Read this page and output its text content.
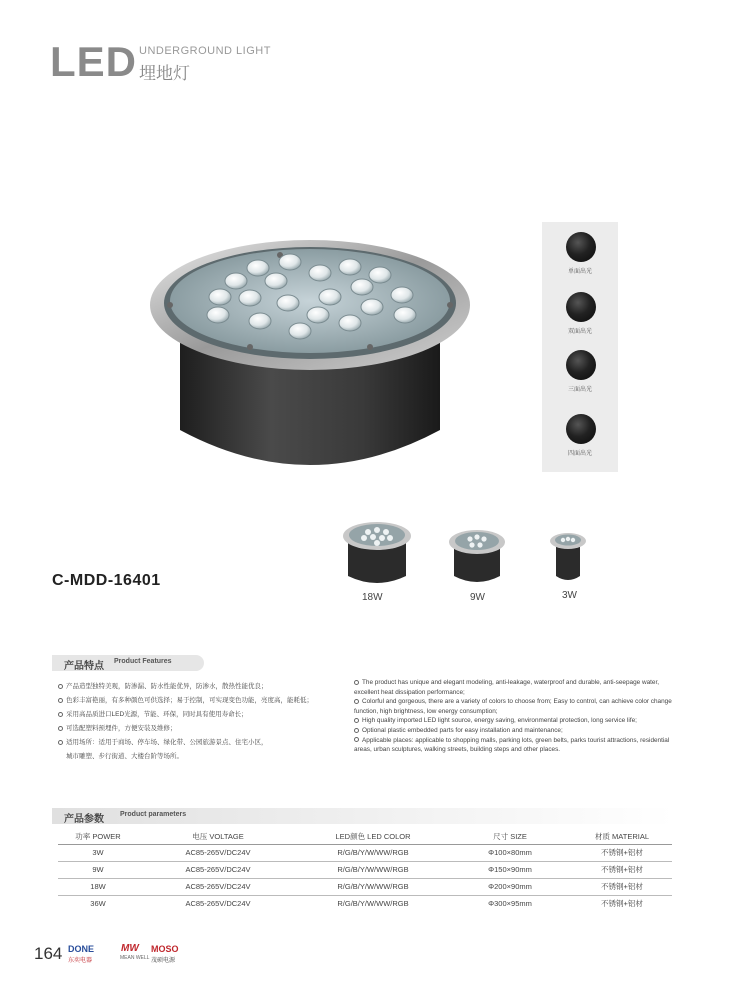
LED UNDERGROUND LIGHT
埋地灯
单面出光
双面出光
三面出光
四面出光
18W	9W	3W
C-MDD-16401
产品特点 Product Features
产品造型独特美观，防渗漏、防水性能优异，防渗水，散热性能优良；
色彩丰富艳丽，有多种颜色可供选择；易于控制，可实现变色功能，亮度高，能耗低；
采用高品质进口LED光源，节能、环保，同时具有使用寿命长；
可选配塑料预埋件，方便安装及维修；
适用场所：适用于商场、停车场、绿化带、公园旅游景点、住宅小区，
城市雕塑、步行街道、大楼台阶等场所。
The product has unique and elegant modeling, anti-leakage, waterproof and durable, anti-seepage water, excellent heat dissipation performance;
Colorful and gorgeous, there are a variety of colors to choose from; Easy to control, can achieve color change function, high brightness, low energy consumption;
High quality imported LED light source, energy saving, environmental protection, long service life;
Optional plastic embedded parts for easy installation and maintenance;
Applicable places: applicable to shopping malls, parking lots, green belts, parks tourist attractions, residential areas, urban sculptures, walking streets, building steps and other places.
产品参数 Product parameters
功率 POWER	电压 VOLTAGE	LED颜色 LED COLOR	尺寸 SIZE	材质 MATERIAL
3W	AC85-265V/DC24V	R/G/B/Y/W/WW/RGB	Φ100×80mm	不锈钢+铝材
9W	AC85-265V/DC24V	R/G/B/Y/W/WW/RGB	Φ150×90mm	不锈钢+铝材
18W	AC85-265V/DC24V	R/G/B/Y/W/WW/RGB	Φ200×90mm	不锈钢+铝材
36W	AC85-265V/DC24V	R/G/B/Y/W/WW/RGB	Φ300×95mm	不锈钢+铝材
164 DONE
东奕电器
MW
MEAN WELL
MOSO
茂硕电源
